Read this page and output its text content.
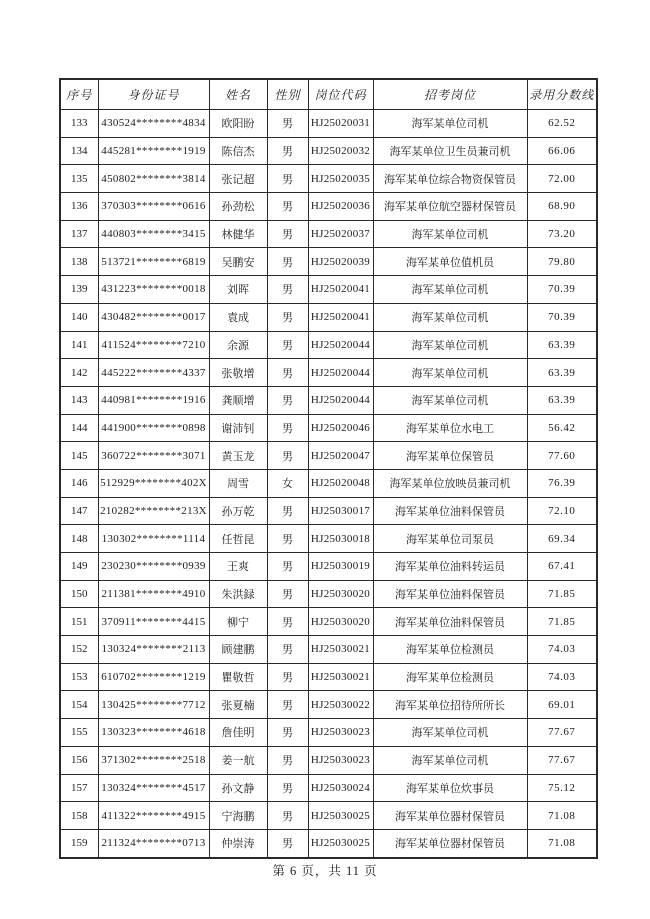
序号	身份证号	姓名	性别	岗位代码	招考岗位	录用分数线
133	430524********4834	欧阳盼	男	HJ25020031	海军某单位司机	62.52
134	445281********1919	陈信杰	男	HJ25020032	海军某单位卫生员兼司机	66.06
135	450802********3814	张记超	男	HJ25020035	海军某单位综合物资保管员	72.00
136	370303********0616	孙劲松	男	HJ25020036	海军某单位航空器材保管员	68.90
137	440803********3415	林健华	男	HJ25020037	海军某单位司机	73.20
138	513721********6819	吴鹏安	男	HJ25020039	海军某单位值机员	79.80
139	431223********0018	刘晖	男	HJ25020041	海军某单位司机	70.39
140	430482********0017	袁成	男	HJ25020041	海军某单位司机	70.39
141	411524********7210	余源	男	HJ25020044	海军某单位司机	63.39
142	445222********4337	张敬增	男	HJ25020044	海军某单位司机	63.39
143	440981********1916	龚顺增	男	HJ25020044	海军某单位司机	63.39
144	441900********0898	谢沛钊	男	HJ25020046	海军某单位水电工	56.42
145	360722********3071	黄玉龙	男	HJ25020047	海军某单位保管员	77.60
146	512929********402X	周雪	女	HJ25020048	海军某单位放映员兼司机	76.39
147	210282********213X	孙万乾	男	HJ25030017	海军某单位油料保管员	72.10
148	130302********1114	任哲昆	男	HJ25030018	海军某单位司泵员	69.34
149	230230********0939	王爽	男	HJ25030019	海军某单位油料转运员	67.41
150	211381********4910	朱洪録	男	HJ25030020	海军某单位油料保管员	71.85
151	370911********4415	柳宁	男	HJ25030020	海军某单位油料保管员	71.85
152	130324********2113	顾建鹏	男	HJ25030021	海军某单位检测员	74.03
153	610702********1219	瞿敬哲	男	HJ25030021	海军某单位检测员	74.03
154	130425********7712	张夏楠	男	HJ25030022	海军某单位招待所所长	69.01
155	130323********4618	詹佳明	男	HJ25030023	海军某单位司机	77.67
156	371302********2518	姜一航	男	HJ25030023	海军某单位司机	77.67
157	130324********4517	孙文静	男	HJ25030024	海军某单位炊事员	75.12
158	411322********4915	宁海鹏	男	HJ25030025	海军某单位器材保管员	71.08
159	211324********0713	仲崇涛	男	HJ25030025	海军某单位器材保管员	71.08
第 6 页，共 11 页
